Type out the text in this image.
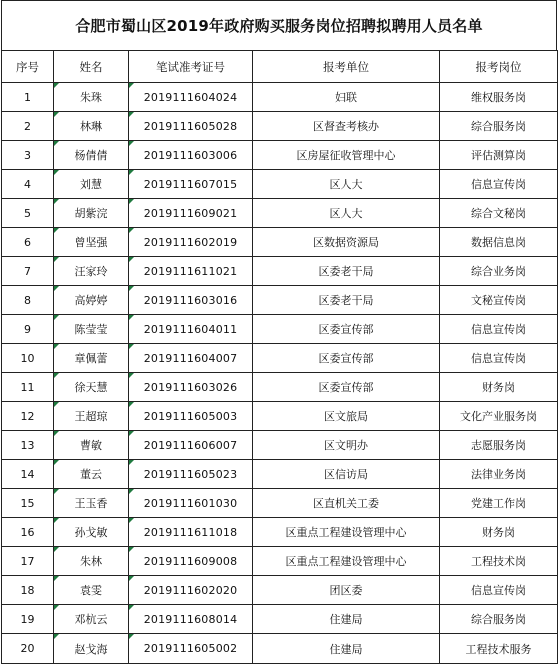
合肥市蜀山区2019年政府购买服务岗位招聘拟聘用人员名单
序号	姓名	笔试准考证号	报考单位	报考岗位
1	朱珠	2019111604024	妇联	维权服务岗
2	林琳	2019111605028	区督查考核办	综合服务岗
3	杨倩倩	2019111603006	区房屋征收管理中心	评估测算岗
4	刘慧	2019111607015	区人大	信息宣传岗
5	胡紫浣	2019111609021	区人大	综合文秘岗
6	曾坚强	2019111602019	区数据资源局	数据信息岗
7	汪家玲	2019111611021	区委老干局	综合业务岗
8	高婷婷	2019111603016	区委老干局	文秘宣传岗
9	陈莹莹	2019111604011	区委宣传部	信息宣传岗
10	章佩蕾	2019111604007	区委宣传部	信息宣传岗
11	徐天慧	2019111603026	区委宣传部	财务岗
12	王超琼	2019111605003	区文旅局	文化产业服务岗
13	曹敏	2019111606007	区文明办	志愿服务岗
14	董云	2019111605023	区信访局	法律业务岗
15	王玉香	2019111601030	区直机关工委	党建工作岗
16	孙戈敏	2019111611018	区重点工程建设管理中心	财务岗
17	朱林	2019111609008	区重点工程建设管理中心	工程技术岗
18	袁雯	2019111602020	团区委	信息宣传岗
19	邓杭云	2019111608014	住建局	综合服务岗
20	赵戈海	2019111605002	住建局	工程技术服务
